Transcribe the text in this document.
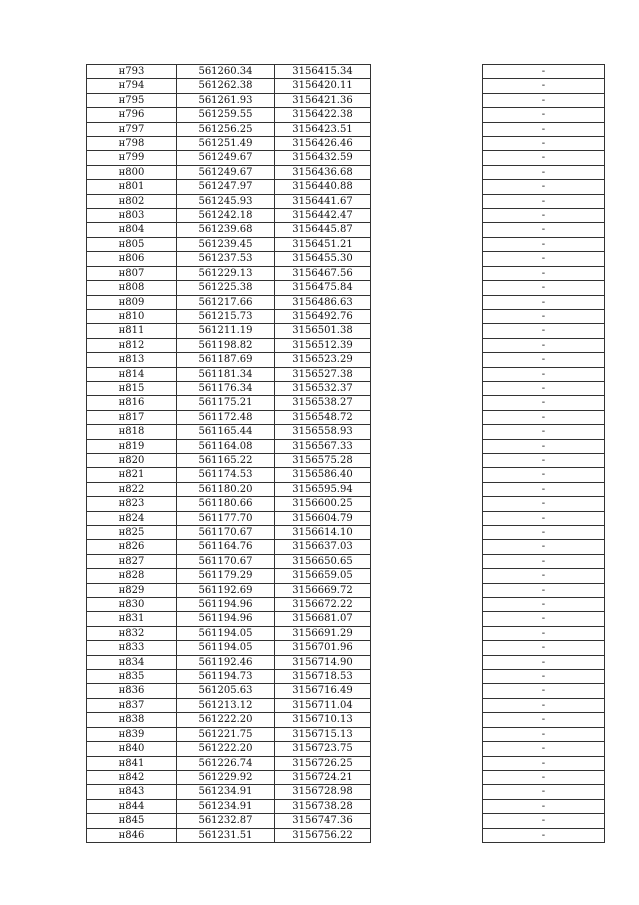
н793	561260.34	3156415.34		-
н794	561262.38	3156420.11		-
н795	561261.93	3156421.36		-
н796	561259.55	3156422.38		-
н797	561256.25	3156423.51		-
н798	561251.49	3156426.46		-
н799	561249.67	3156432.59		-
н800	561249.67	3156436.68		-
н801	561247.97	3156440.88		-
н802	561245.93	3156441.67		-
н803	561242.18	3156442.47		-
н804	561239.68	3156445.87		-
н805	561239.45	3156451.21		-
н806	561237.53	3156455.30		-
н807	561229.13	3156467.56		-
н808	561225.38	3156475.84		-
н809	561217.66	3156486.63		-
н810	561215.73	3156492.76		-
н811	561211.19	3156501.38		-
н812	561198.82	3156512.39		-
н813	561187.69	3156523.29		-
н814	561181.34	3156527.38		-
н815	561176.34	3156532.37		-
н816	561175.21	3156538.27		-
н817	561172.48	3156548.72		-
н818	561165.44	3156558.93		-
н819	561164.08	3156567.33		-
н820	561165.22	3156575.28		-
н821	561174.53	3156586.40		-
н822	561180.20	3156595.94		-
н823	561180.66	3156600.25		-
н824	561177.70	3156604.79		-
н825	561170.67	3156614.10		-
н826	561164.76	3156637.03		-
н827	561170.67	3156650.65		-
н828	561179.29	3156659.05		-
н829	561192.69	3156669.72		-
н830	561194.96	3156672.22		-
н831	561194.96	3156681.07		-
н832	561194.05	3156691.29		-
н833	561194.05	3156701.96		-
н834	561192.46	3156714.90		-
н835	561194.73	3156718.53		-
н836	561205.63	3156716.49		-
н837	561213.12	3156711.04		-
н838	561222.20	3156710.13		-
н839	561221.75	3156715.13		-
н840	561222.20	3156723.75		-
н841	561226.74	3156726.25		-
н842	561229.92	3156724.21		-
н843	561234.91	3156728.98		-
н844	561234.91	3156738.28		-
н845	561232.87	3156747.36		-
н846	561231.51	3156756.22		-
